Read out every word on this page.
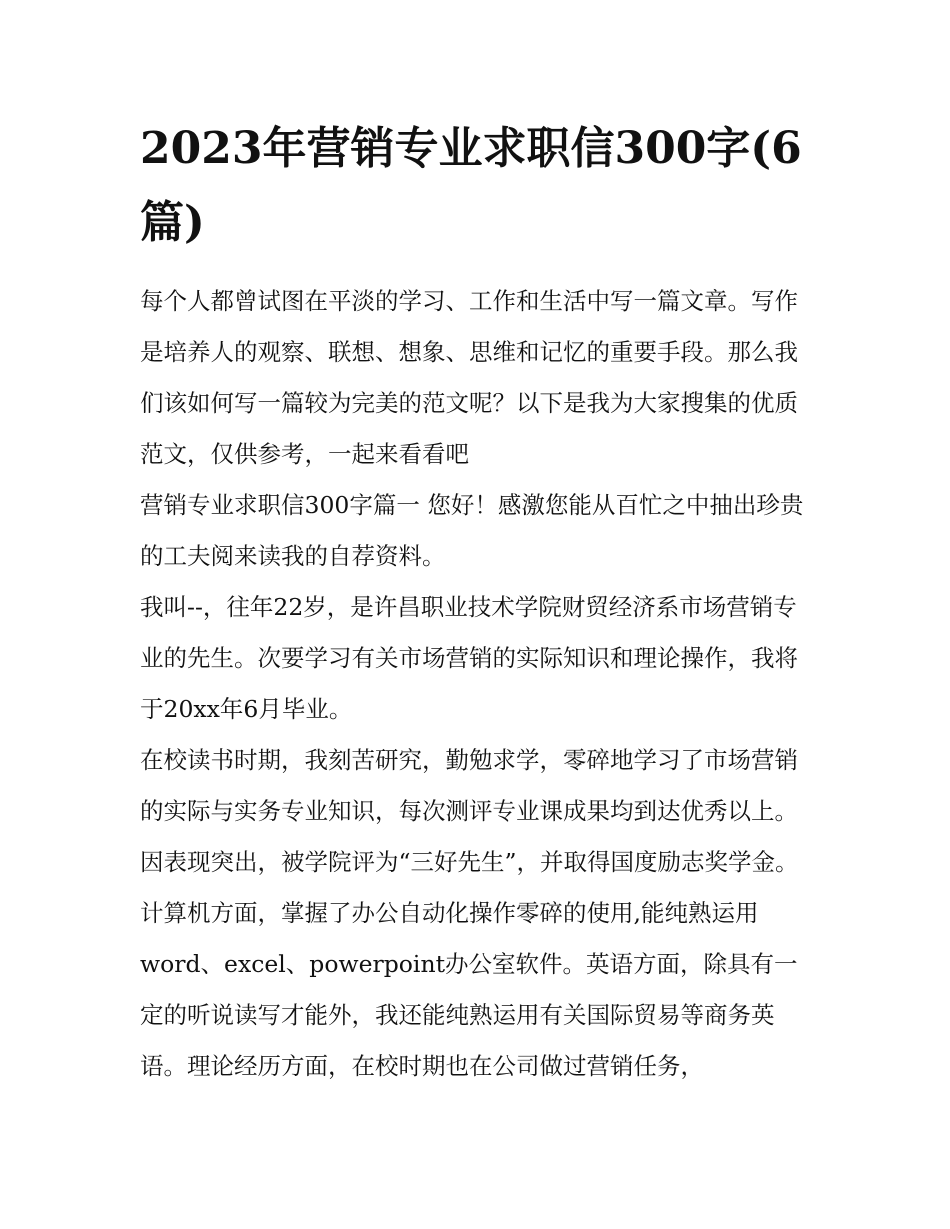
2023年营销专业求职信300字(6篇)

每个人都曾试图在平淡的学习、工作和生活中写一篇文章。写作是培养人的观察、联想、想象、思维和记忆的重要手段。那么我们该如何写一篇较为完美的范文呢？以下是我为大家搜集的优质范文，仅供参考，一起来看看吧

营销专业求职信300字篇一 您好！感激您能从百忙之中抽出珍贵的工夫阅来读我的自荐资料。

我叫--，往年22岁，是许昌职业技术学院财贸经济系市场营销专业的先生。次要学习有关市场营销的实际知识和理论操作，我将于20xx年6月毕业。

在校读书时期，我刻苦研究，勤勉求学，零碎地学习了市场营销的实际与实务专业知识，每次测评专业课成果均到达优秀以上。因表现突出，被学院评为“三好先生”，并取得国度励志奖学金。计算机方面，掌握了办公自动化操作零碎的使用,能纯熟运用word、excel、powerpoint办公室软件。英语方面，除具有一定的听说读写才能外，我还能纯熟运用有关国际贸易等商务英语。理论经历方面，在校时期也在公司做过营销任务，
